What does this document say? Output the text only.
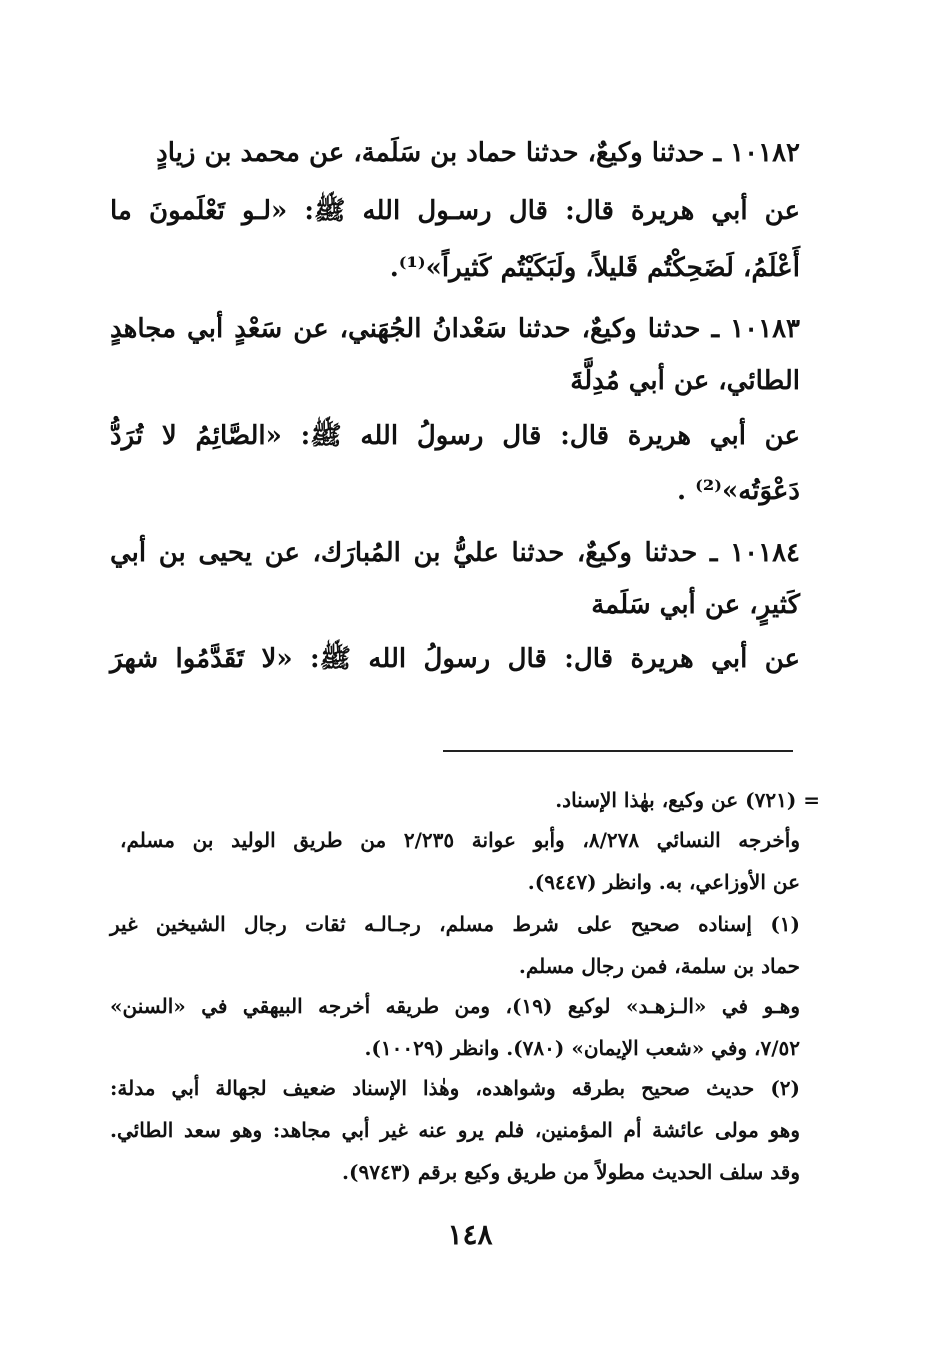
١٠١٨٢ ـ حدثنا وكيعٌ، حدثنا حماد بن سَلَمة، عن محمد بن زيادٍ
عن أبي هريرة قال: قال رسـول الله ﷺ: «لـو تَعْلَمونَ ما
أَعْلَمُ، لَضَحِكْتُم قَليلاً، ولَبَكَيْتُم كَثيراً»⁽¹⁾.
١٠١٨٣ ـ حدثنا وكيعٌ، حدثنا سَعْدانُ الجُهَني، عن سَعْدٍ أبي مجاهدٍ
الطائي، عن أبي مُدِلَّةَ
عن أبي هريرة قال: قال رسولُ الله ﷺ: «الصَّائِمُ لا تُرَدُّ
دَعْوَتُه»⁽²⁾ .
١٠١٨٤ ـ حدثنا وكيعٌ، حدثنا عليُّ بن المُبارَك، عن يحيى بن أبي
كَثيرٍ، عن أبي سَلَمة
عن أبي هريرة قال: قال رسولُ الله ﷺ: «لا تَقَدَّمُوا شهرَ
= (٧٢١) عن وكيع، بهٰذا الإسناد.
وأخرجه النسائي ٨/٢٧٨، وأبو عوانة ٢/٢٣٥ من طريق الوليد بن مسلم،
عن الأوزاعي، به. وانظر (٩٤٤٧).
(١) إسناده صحيح على شرط مسلم، رجـالـه ثقات رجال الشيخين غير
حماد بن سلمة، فمن رجال مسلم.
وهـو في «الـزهـد» لوكيع (١٩)، ومن طريقه أخرجه البيهقي في «السنن»
٧/٥٢، وفي «شعب الإيمان» (٧٨٠). وانظر (١٠٠٢٩).
(٢) حديث صحيح بطرقه وشواهده، وهٰذا الإسناد ضعيف لجهالة أبي مدلة:
وهو مولى عائشة أم المؤمنين، فلم يرو عنه غير أبي مجاهد: وهو سعد الطائي.
وقد سلف الحديث مطولاً من طريق وكيع برقم (٩٧٤٣).
١٤٨
